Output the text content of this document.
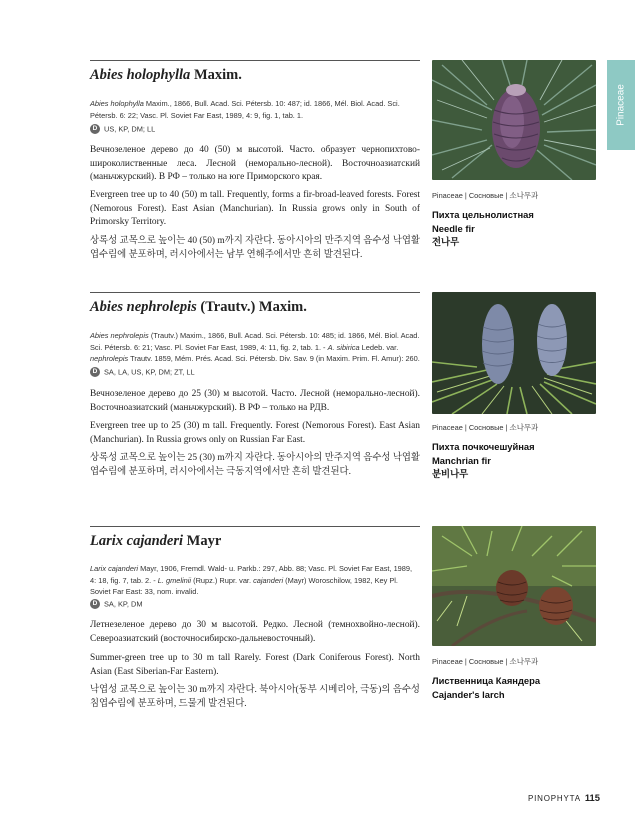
Pinaceae
Abies holophylla Maxim.
Abies holophylla Maxim., 1866, Bull. Acad. Sci. Pétersb. 10: 487; id. 1866, Mél. Biol. Acad. Sci. Pétersb. 6: 22; Vasc. Pl. Soviet Far East, 1989, 4: 9, fig. 1, tab. 1.
D US, KP, DM; LL
Вечнозеленое дерево до 40 (50) м высотой. Часто. образует чернопихтово-широколиственные леса. Лесной (неморально-лесной). Восточноазиатский (маньчжурский). В РФ – только на юге Приморского края.
Evergreen tree up to 40 (50) m tall. Frequently, forms a fir-broad-leaved forests. Forest (Nemorous Forest). East Asian (Manchurian). In Russia grows only in South of Primorsky Territory.
상록성 교목으로 높이는 40 (50) m까지 자란다. 동아시아의 만주지역 음수성 낙엽활엽수림에 분포하며, 러시아에서는 남부 연해주에서만 흔히 발견된다.
Pinaceae | Сосновые | 소나무과
Пихта цельнолистная
Needle fir
전나무
Abies nephrolepis (Trautv.) Maxim.
Abies nephrolepis (Trautv.) Maxim., 1866, Bull. Acad. Sci. Pétersb. 10: 485; id. 1866, Mél. Biol. Acad. Sci. Pétersb. 6: 21; Vasc. Pl. Soviet Far East, 1989, 4: 11, fig. 2, tab. 1. - A. sibirica Ledeb. var. nephrolepis Trautv. 1859, Mém. Prés. Acad. Sci. Pétersb. Div. Sav. 9 (in Maxim. Prim. Fl. Amur): 260.
D SA, LA, US, KP, DM; ZT, LL
Вечнозеленое дерево до 25 (30) м высотой. Часто. Лесной (неморально-лесной). Восточноазиатский (маньчжурский). В РФ – только на РДВ.
Evergreen tree up to 25 (30) m tall. Frequently. Forest (Nemorous Forest). East Asian (Manchurian). In Russia grows only on Russian Far East.
상록성 교목으로 높이는 25 (30) m까지 자란다. 동아시아의 만주지역 음수성 낙엽활엽수림에 분포하며, 러시아에서는 극동지역에서만 흔히 발견된다.
Pinaceae | Сосновые | 소나무과
Пихта почкочешуйная
Manchrian fir
분비나무
Larix cajanderi Mayr
Larix cajanderi Mayr, 1906, Fremdl. Wald- u. Parkb.: 297, Abb. 88; Vasc. Pl. Soviet Far East, 1989, 4: 18, fig. 7, tab. 2. - L. gmelinii (Rupz.) Rupr. var. cajanderi (Mayr) Woroschilow, 1982, Key Pl. Soviet Far East: 33, nom. invalid.
D SA, KP, DM
Летнезеленое дерево до 30 м высотой. Редко. Лесной (темнохвойно-лесной). Североазиатский (восточносибирско-дальневосточный).
Summer-green tree up to 30 m tall Rarely. Forest (Dark Coniferous Forest). North Asian (East Siberian-Far Eastern).
낙엽성 교목으로 높이는 30 m까지 자란다. 북아시아(동부 시베리아, 극동)의 음수성 침엽수림에 분포하며, 드물게 발견된다.
Pinaceae | Сосновые | 소나무과
Лиственница Каяндера
Cajander's larch
PINOPHYTA 115
